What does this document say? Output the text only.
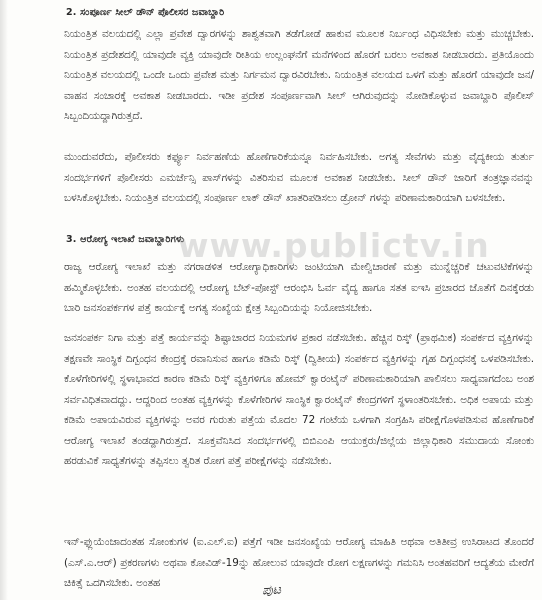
2. ಸಂಪೂರ್ಣ ಸೀಲ್ ಡೌನ್ ಪೊಲೀಸರ ಜವಾಬ್ದಾರಿ

ನಿಯಂತ್ರಿತ ವಲಯದಲ್ಲಿ ಎಲ್ಲಾ ಪ್ರವೇಶ ದ್ವಾರಗಳನ್ನು ಶಾಶ್ವತವಾಗಿ ತಡೆಗೋಡೆ ಹಾಕುವ ಮೂಲಕ ನಿರ್ಬಂಧ ವಿಧಿಸಬೇಕು ಮತ್ತು ಮುಚ್ಚಬೇಕು. ನಿಯಂತ್ರಿತ ಪ್ರದೇಶದಲ್ಲಿ ಯಾವುದೇ ವ್ಯಕ್ತಿ ಯಾವುದೇ ರೀತಿಯ ಉಲ್ಲಂಘನೆಗೆ ಮನೆಗಳಿಂದ ಹೊರಗೆ ಬರಲು ಅವಕಾಶ ನೀಡಬಾರದು. ಪ್ರತಿಯೊಂದು ನಿಯಂತ್ರಿತ ವಲಯದಲ್ಲಿ ಒಂದೇ ಒಂದು ಪ್ರವೇಶ ಮತ್ತು ನಿರ್ಗಮನ ದ್ವಾರವಿರಬೇಕು. ನಿಯಂತ್ರಿತ ವಲಯದ ಒಳಗೆ ಮತ್ತು ಹೊರಗೆ ಯಾವುದೇ ಜನ/ವಾಹನ ಸಂಚಾರಕ್ಕೆ ಅವಕಾಶ ನೀಡಬಾರದು. ಇಡೀ ಪ್ರದೇಶ ಸಂಪೂರ್ಣವಾಗಿ ಸೀಲ್ ಆಗಿರುವುದನ್ನು ನೋಡಿಕೊಳ್ಳುವ ಜವಾಬ್ದಾರಿ ಪೊಲೀಸ್ ಸಿಬ್ಬಂದಿಯದ್ದಾಗಿರುತ್ತದೆ.

ಮುಂದುವರೆದು, ಪೊಲೀಸರು ಕರ್ಫ್ಯೂ ನಿರ್ವಹಣೆಯ ಹೊಣೆಗಾರಿಕೆಯನ್ನೂ ನಿರ್ವಹಿಸಬೇಕು. ಅಗತ್ಯ ಸೇವೆಗಳು ಮತ್ತು ವೈದ್ಯಕೀಯ ತುರ್ತು ಸಂದರ್ಭಗಳಿಗೆ ಪೊಲೀಸರು ಎಮರ್ಜೆನ್ಸಿ ಪಾಸ್‌ಗಳನ್ನು ವಿತರಿಸುವ ಮೂಲಕ ಅವಕಾಶ ನೀಡಬೇಕು. ಸೀಲ್ ಡೌನ್ ಜಾರಿಗೆ ತಂತ್ರಜ್ಞಾನವನ್ನು ಬಳಸಿಕೊಳ್ಳಬೇಕು. ನಿಯಂತ್ರಿತ ವಲಯದಲ್ಲಿ ಸಂಪೂರ್ಣ ಲಾಕ್‌ ಡೌನ್ ಖಾತರಿಪಡಿಸಲು ಡ್ರೋನ್ ಗಳನ್ನು ಪರಿಣಾಮಕಾರಿಯಾಗಿ ಬಳಸಬೇಕು.

3. ಆರೋಗ್ಯ ಇಲಾಖೆ ಜವಾಬ್ದಾರಿಗಳು

ರಾಜ್ಯ ಆರೋಗ್ಯ ಇಲಾಖೆ ಮತ್ತು ನಗರಾಡಳಿತ ಆರೋಗ್ಯಾಧಿಕಾರಿಗಳು ಜಂಟಿಯಾಗಿ ಮೇಲ್ವಿಚಾರಣೆ ಮತ್ತು ಮುನ್ನೆಚ್ಚರಿಕೆ ಚಟುವಟಿಕೆಗಳನ್ನು ಹಮ್ಮಿಕೊಳ್ಳಬೇಕು. ಅಂತಹ ವಲಯದಲ್ಲಿ ಆರೋಗ್ಯ ಬೆಟ್-ಪೋಸ್ಟ್ ಆರಂಭಿಸಿ ಓರ್ವ ವೈದ್ಯ ಹಾಗೂ ಸತತ ಐಇಸಿ ಪ್ರಚಾರದ ಜೊತೆಗೆ ದಿನಕ್ಕೆರಡು ಬಾರಿ ಜನಸಂಪರ್ಕಗಳ ಪತ್ತೆ ಕಾರ್ಯಕ್ಕೆ ಅಗತ್ಯ ಸಂಖ್ಯೆಯ ಕ್ಷೇತ್ರ ಸಿಬ್ಬಂದಿಯನ್ನು ನಿಯೋಜಿಸಬೇಕು.

ಜನಸಂಪರ್ಕ ನಿಗಾ ಮತ್ತು ಪತ್ತೆ ಕಾರ್ಯವನ್ನು ಶಿಷ್ಟಾಚಾರದ ನಿಯಮಗಳ ಪ್ರಕಾರ ನಡೆಸಬೇಕು. ಹೆಚ್ಚಿನ ರಿಸ್ಕ್ (ಪ್ರಾಥಮಿಕ) ಸಂಪರ್ಕದ ವ್ಯಕ್ತಿಗಳನ್ನು ತಕ್ಷಣವೇ ಸಾಂಸ್ಥಿಕ ದಿಗ್ಬಂಧನ ಕೇಂದ್ರಕ್ಕೆ ರವಾನಿಸುವ ಹಾಗೂ ಕಡಿಮೆ ರಿಸ್ಕ್ (ದ್ವಿತೀಯ) ಸಂಪರ್ಕದ ವ್ಯಕ್ತಿಗಳನ್ನು ಗೃಹ ದಿಗ್ಬಂಧನಕ್ಕೆ ಒಳಪಡಿಸಬೇಕು. ಕೊಳೆಗೇರಿಗಳಲ್ಲಿ ಸ್ಥಳಾಭಾವದ ಕಾರಣ ಕಡಿಮೆ ರಿಸ್ಕ್ ವ್ಯಕ್ತಿಗಳಿಗೂ ಹೋಮ್ ಕ್ವಾರಂಟೈನ್ ಪರಿಣಾಮಕಾರಿಯಾಗಿ ಪಾಲಿಸಲು ಸಾಧ್ಯವಾಗದೆಂಬ ಅಂಶ ಸರ್ವವಿಧಿತವಾದದ್ದು. ಆದ್ದರಿಂದ ಅಂತಹ ವ್ಯಕ್ತಿಗಳನ್ನು ಕೊಳೆಗೇರಿಗಳ ಸಾಂಸ್ಥಿಕ ಕ್ವಾರಂಟೈನ್ ಕೇಂದ್ರಗಳಿಗೆ ಸ್ಥಳಾಂತರಿಸಬೇಕು. ಅಧಿಕ ಅಪಾಯ ಮತ್ತು ಕಡಿಮೆ ಅಪಾಯವಿರುವ ವ್ಯಕ್ತಿಗಳನ್ನು ಅವರ ಗುರುತು ಪತ್ತೆಯ ಮೊದಲ 72 ಗಂಟೆಯ ಒಳಗಾಗಿ ಸಂಗ್ರಹಿಸಿ ಪರೀಕ್ಷೆಗೊಳಪಡಿಸುವ ಹೊಣೆಗಾರಿಕೆ ಆರೋಗ್ಯ ಇಲಾಖೆ ತಂಡದ್ದಾಗಿರುತ್ತದೆ. ಸೂಕ್ತವೆನಿಸಿದ ಸಂದರ್ಭಗಳಲ್ಲಿ ಬಿಬಿಎಂಪಿ ಆಯುಕ್ತರು/ಜಿಲ್ಲೆಯ ಜಿಲ್ಲಾಧಿಕಾರಿ ಸಮುದಾಯ ಸೋಂಕು ಹರಡುವಿಕೆ ಸಾಧ್ಯತೆಗಳನ್ನು ತಪ್ಪಿಸಲು ತ್ವರಿತ ರೋಗ ಪತ್ತೆ ಪರೀಕ್ಷೆಗಳನ್ನು ನಡೆಸಬೇಕು.

ಇನ್-ಫ್ಲುಯೆಂಜಾದಂತಹ ಸೋಂಕುಗಳ (ಐ.ಎಲ್.ಐ) ಪತ್ತೆಗೆ ಇಡೀ ಜನಸಂಖ್ಯೆಯ ಆರೋಗ್ಯ ಮಾಹಿತಿ ಅಥವಾ ಅತಿತೀವ್ರ ಉಸಿರಾಟದ ತೊಂದರೆ (ಎಸ್.ಎ.ಆರ್) ಪ್ರಕರಣಗಳು ಅಥವಾ ಕೋವಿಡ್-19ನ್ನು ಹೋಲುವ ಯಾವುದೇ ರೋಗ ಲಕ್ಷಣಗಳನ್ನು ಗಮನಿಸಿ ಅಂತಹವರಿಗೆ ಆದ್ಯತೆಯ ಮೇರೆಗೆ ಚಿಕಿತ್ಸೆ ಒದಗಿಸಬೇಕು. ಅಂತಹ

www.publictv.in
ಪುಟ
